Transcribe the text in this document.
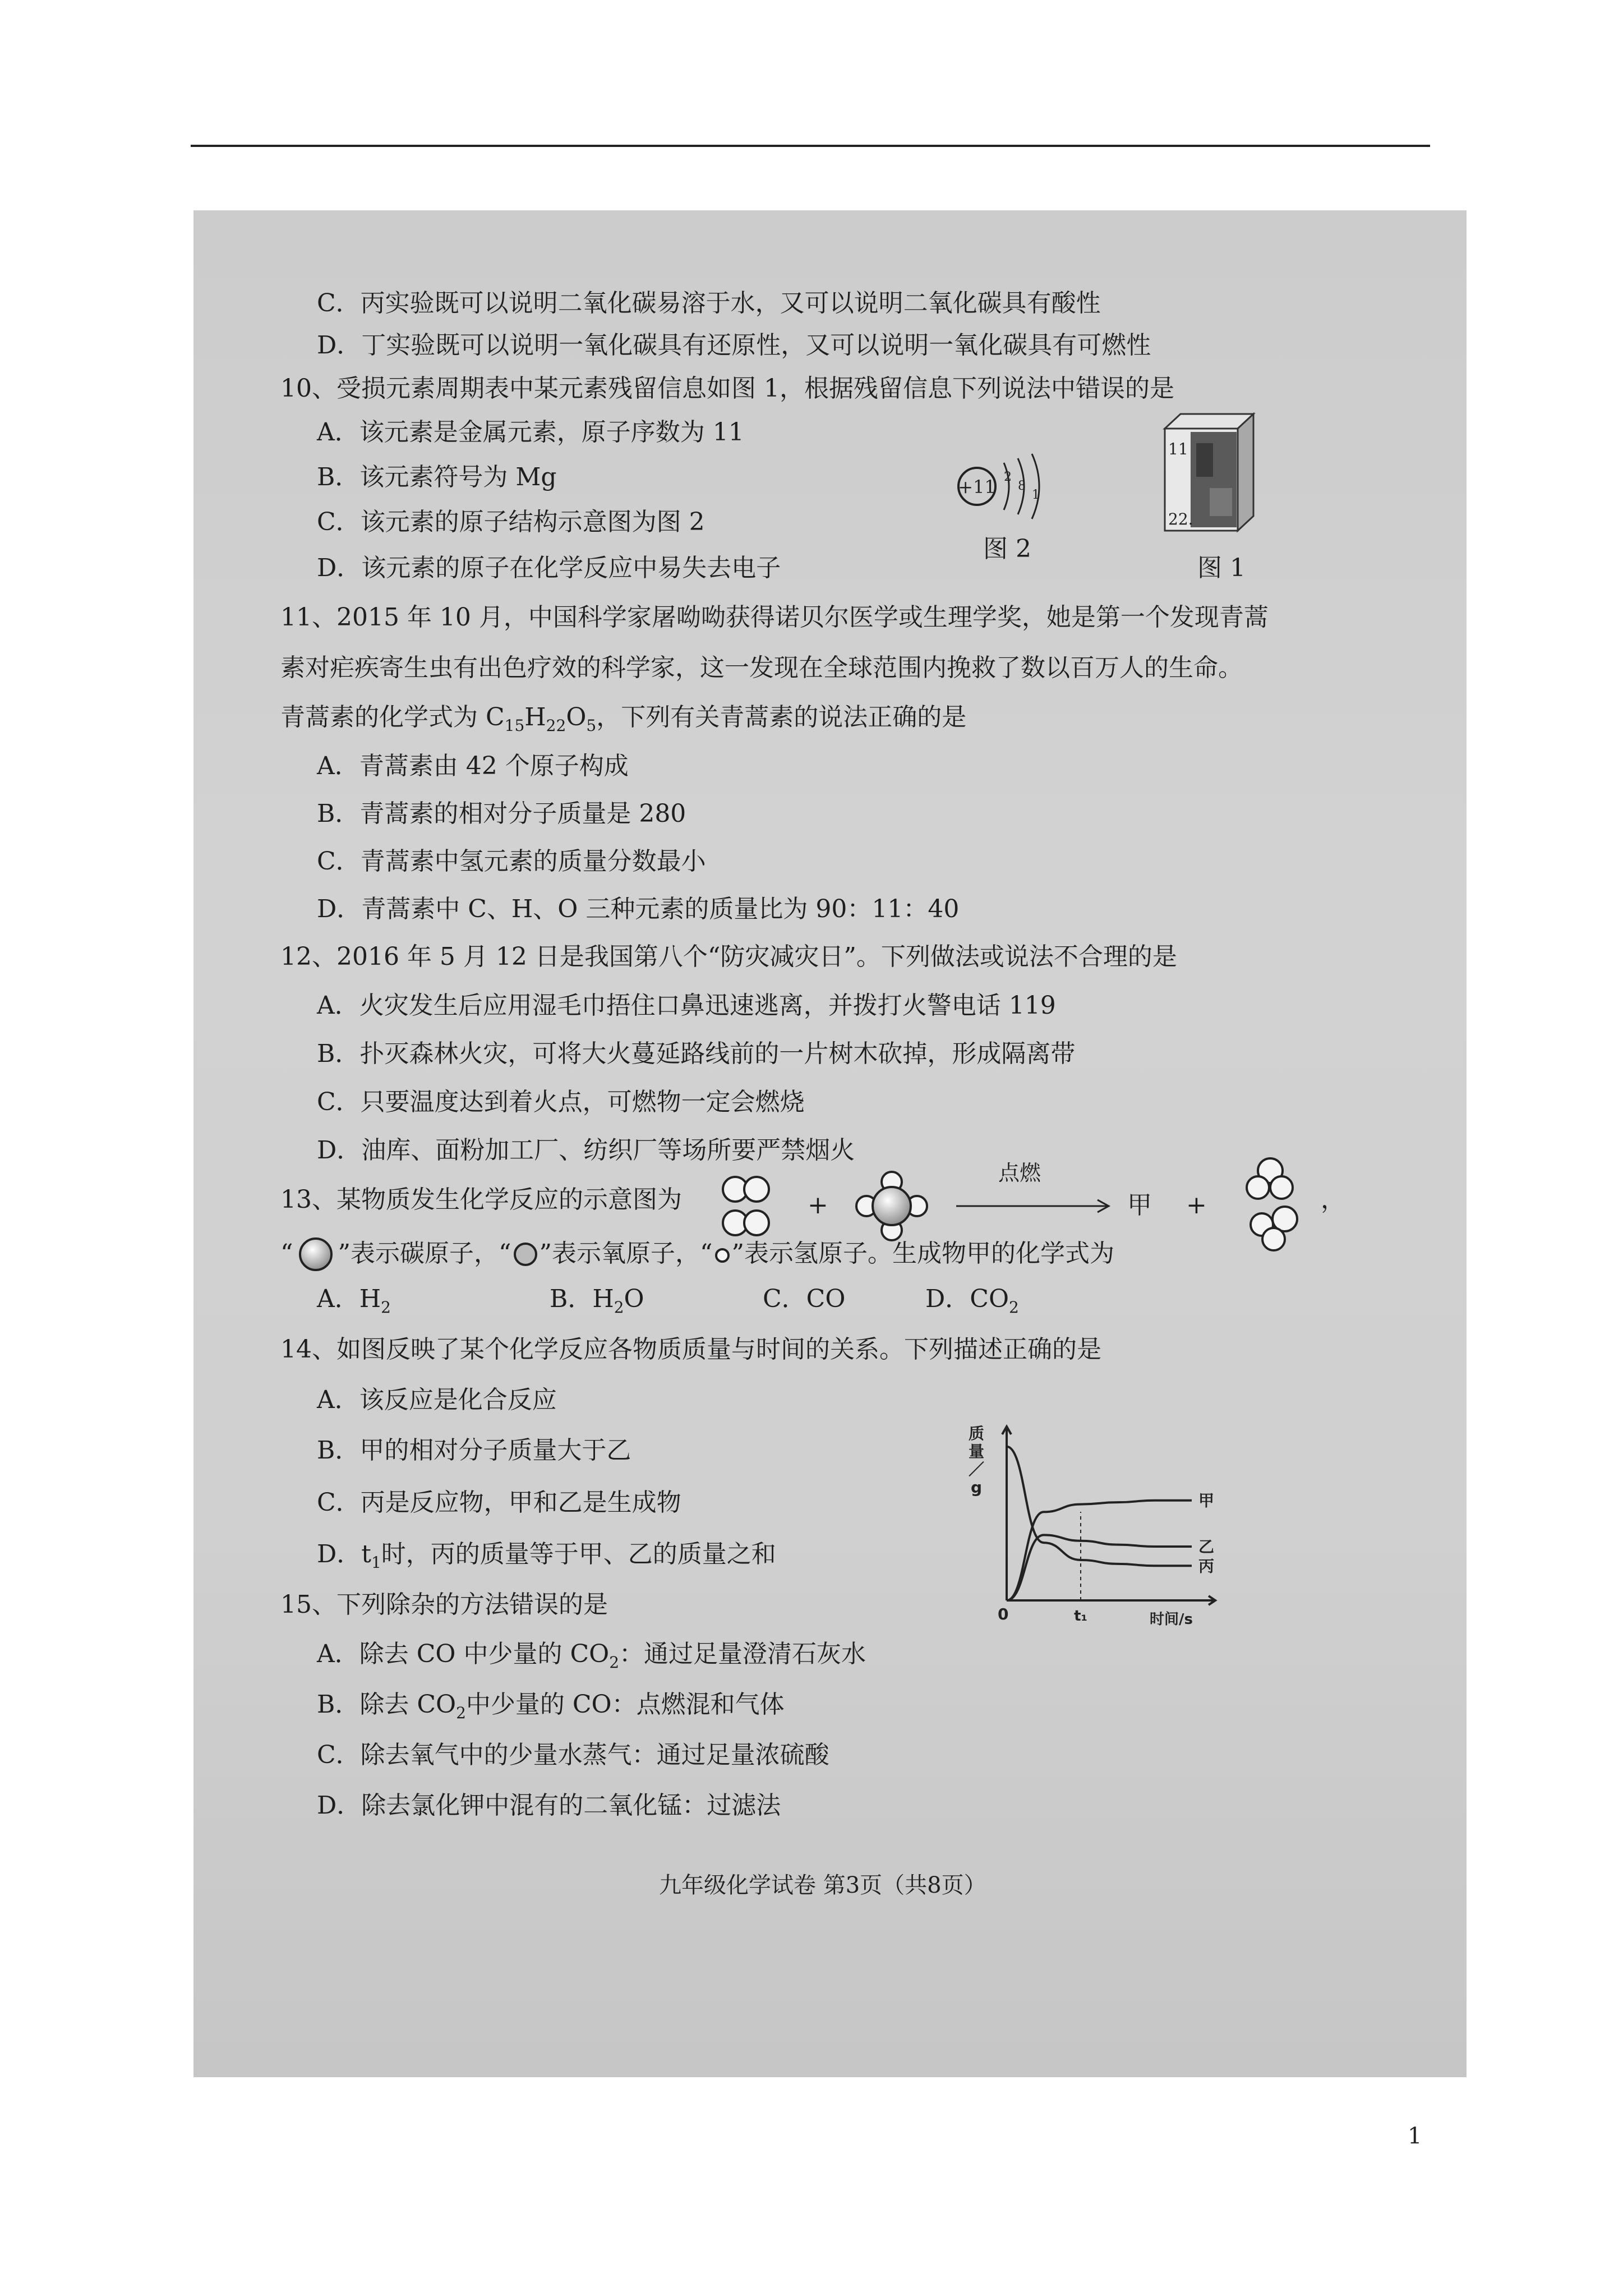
C．丙实验既可以说明二氧化碳易溶于水，又可以说明二氧化碳具有酸性
D．丁实验既可以说明一氧化碳具有还原性，又可以说明一氧化碳具有可燃性
10、受损元素周期表中某元素残留信息如图 1，根据残留信息下列说法中错误的是
A．该元素是金属元素，原子序数为 11
B．该元素符号为 Mg
C．该元素的原子结构示意图为图 2
D．该元素的原子在化学反应中易失去电子
+11 2
8
1
图 2
11
22.
图 1
11、2015 年 10 月，中国科学家屠呦呦获得诺贝尔医学或生理学奖，她是第一个发现青蒿
素对疟疾寄生虫有出色疗效的科学家，这一发现在全球范围内挽救了数以百万人的生命。
青蒿素的化学式为 $C_{15}H_{22}O_5$，下列有关青蒿素的说法正确的是
A．青蒿素由 42 个原子构成
B．青蒿素的相对分子质量是 280
C．青蒿素中氢元素的质量分数最小
D．青蒿素中 C、H、O 三种元素的质量比为 90：11：40
12、2016 年 5 月 12 日是我国第八个“防灾减灾日”。下列做法或说法不合理的是
A．火灾发生后应用湿毛巾捂住口鼻迅速逃离，并拨打火警电话 119
B．扑灭森林火灾，可将大火蔓延路线前的一片树木砍掉，形成隔离带
C．只要温度达到着火点，可燃物一定会燃烧
D．油库、面粉加工厂、纺织厂等场所要严禁烟火
13、某物质发生化学反应的示意图为	+
点燃
甲 +	，
“ ”表示碳原子，“ ”表示氧原子，“ ”表示氢原子。生成物甲的化学式为
A．$H_2$	B．$H_2O$	C．CO	D．$CO_2$
14、如图反映了某个化学反应各物质质量与时间的关系。下列描述正确的是
A．该反应是化合反应
B．甲的相对分子质量大于乙
C．丙是反应物，甲和乙是生成物
D．$t_1$时，丙的质量等于甲、乙的质量之和
质
量
／
g
0	t₁	时间/s
甲
乙
丙
15、下列除杂的方法错误的是
A．除去 CO 中少量的 $CO_2$：通过足量澄清石灰水
B．除去 $CO_2$中少量的 CO：点燃混和气体
C．除去氧气中的少量水蒸气：通过足量浓硫酸
D．除去氯化钾中混有的二氧化锰：过滤法
九年级化学试卷 第3页（共8页）
1
